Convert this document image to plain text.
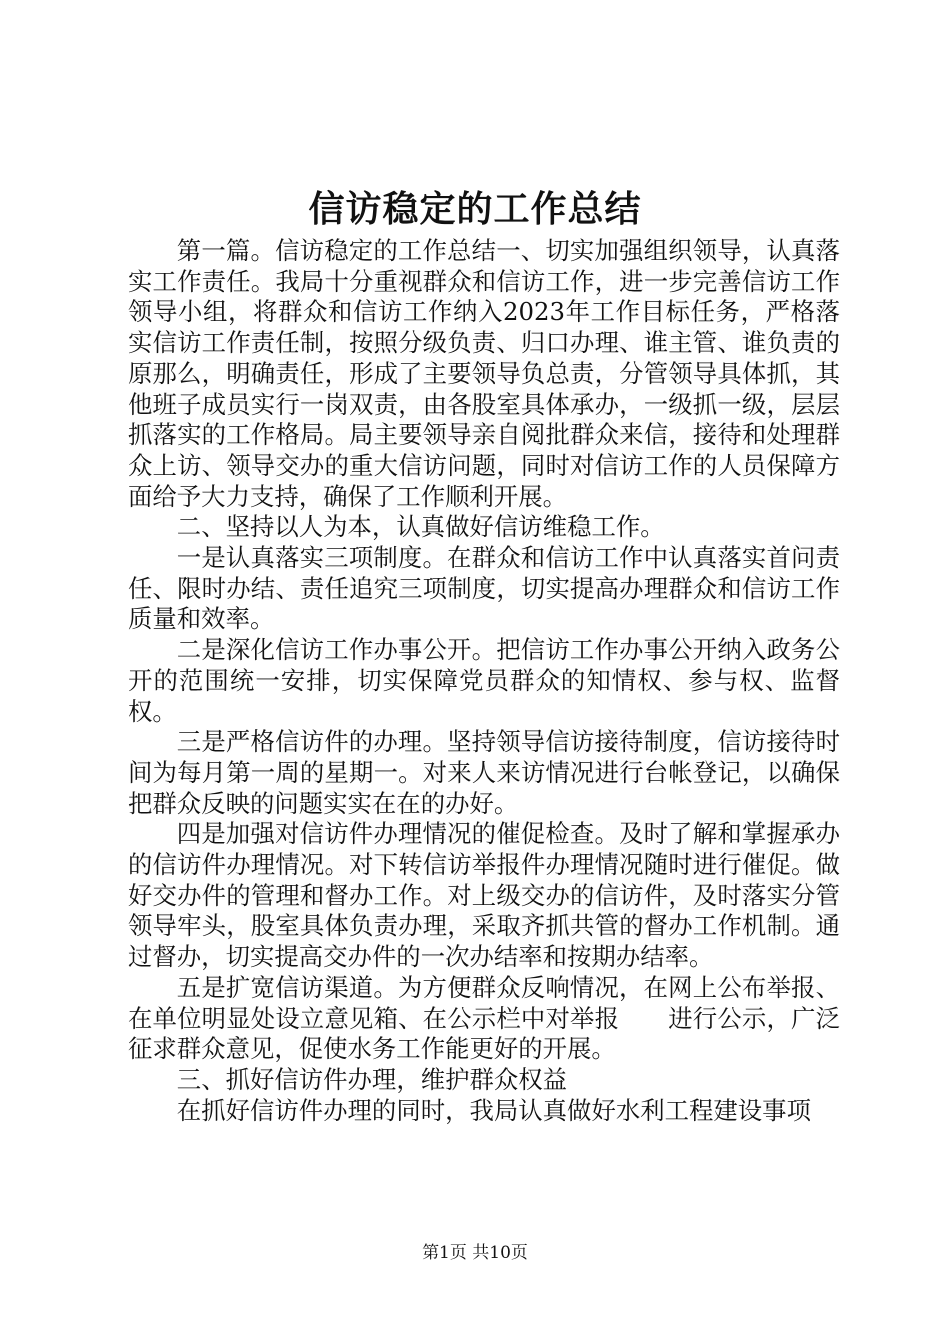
信访稳定的工作总结

第一篇。信访稳定的工作总结一、切实加强组织领导，认真落实工作责任。我局十分重视群众和信访工作，进一步完善信访工作领导小组，将群众和信访工作纳入2023年工作目标任务，严格落实信访工作责任制，按照分级负责、归口办理、谁主管、谁负责的原那么，明确责任，形成了主要领导负总责，分管领导具体抓，其他班子成员实行一岗双责，由各股室具体承办，一级抓一级，层层抓落实的工作格局。局主要领导亲自阅批群众来信，接待和处理群众上访、领导交办的重大信访问题，同时对信访工作的人员保障方面给予大力支持，确保了工作顺利开展。

二、坚持以人为本，认真做好信访维稳工作。

一是认真落实三项制度。在群众和信访工作中认真落实首问责任、限时办结、责任追究三项制度，切实提高办理群众和信访工作质量和效率。

二是深化信访工作办事公开。把信访工作办事公开纳入政务公开的范围统一安排，切实保障党员群众的知情权、参与权、监督权。

三是严格信访件的办理。坚持领导信访接待制度，信访接待时间为每月第一周的星期一。对来人来访情况进行台帐登记，以确保把群众反映的问题实实在在的办好。

四是加强对信访件办理情况的催促检查。及时了解和掌握承办的信访件办理情况。对下转信访举报件办理情况随时进行催促。做好交办件的管理和督办工作。对上级交办的信访件，及时落实分管领导牢头，股室具体负责办理，采取齐抓共管的督办工作机制。通过督办，切实提高交办件的一次办结率和按期办结率。

五是扩宽信访渠道。为方便群众反响情况，在网上公布举报、在单位明显处设立意见箱、在公示栏中对举报　　进行公示，广泛征求群众意见，促使水务工作能更好的开展。

三、抓好信访件办理，维护群众权益

在抓好信访件办理的同时，我局认真做好水利工程建设事项

第1页 共10页
